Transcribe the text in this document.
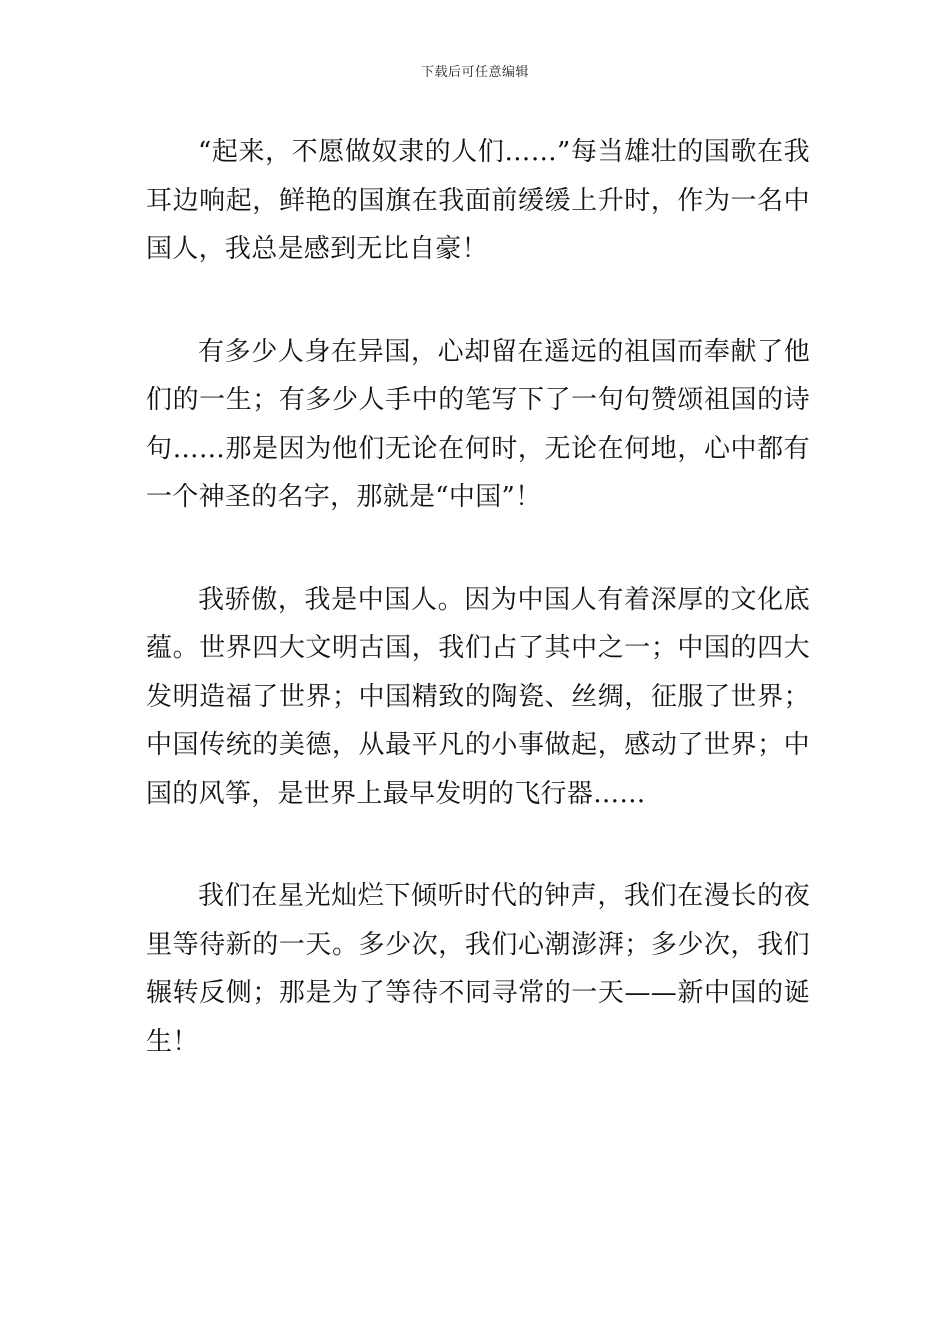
下载后可任意编辑

“起来，不愿做奴隶的人们……”每当雄壮的国歌在我耳边响起，鲜艳的国旗在我面前缓缓上升时，作为一名中国人，我总是感到无比自豪！

有多少人身在异国，心却留在遥远的祖国而奉献了他们的一生；有多少人手中的笔写下了一句句赞颂祖国的诗句……那是因为他们无论在何时，无论在何地，心中都有一个神圣的名字，那就是“中国”！

我骄傲，我是中国人。因为中国人有着深厚的文化底蕴。世界四大文明古国，我们占了其中之一；中国的四大发明造福了世界；中国精致的陶瓷、丝绸，征服了世界；中国传统的美德，从最平凡的小事做起，感动了世界；中国的风筝，是世界上最早发明的飞行器……

我们在星光灿烂下倾听时代的钟声，我们在漫长的夜里等待新的一天。多少次，我们心潮澎湃；多少次，我们辗转反侧；那是为了等待不同寻常的一天——新中国的诞生！
